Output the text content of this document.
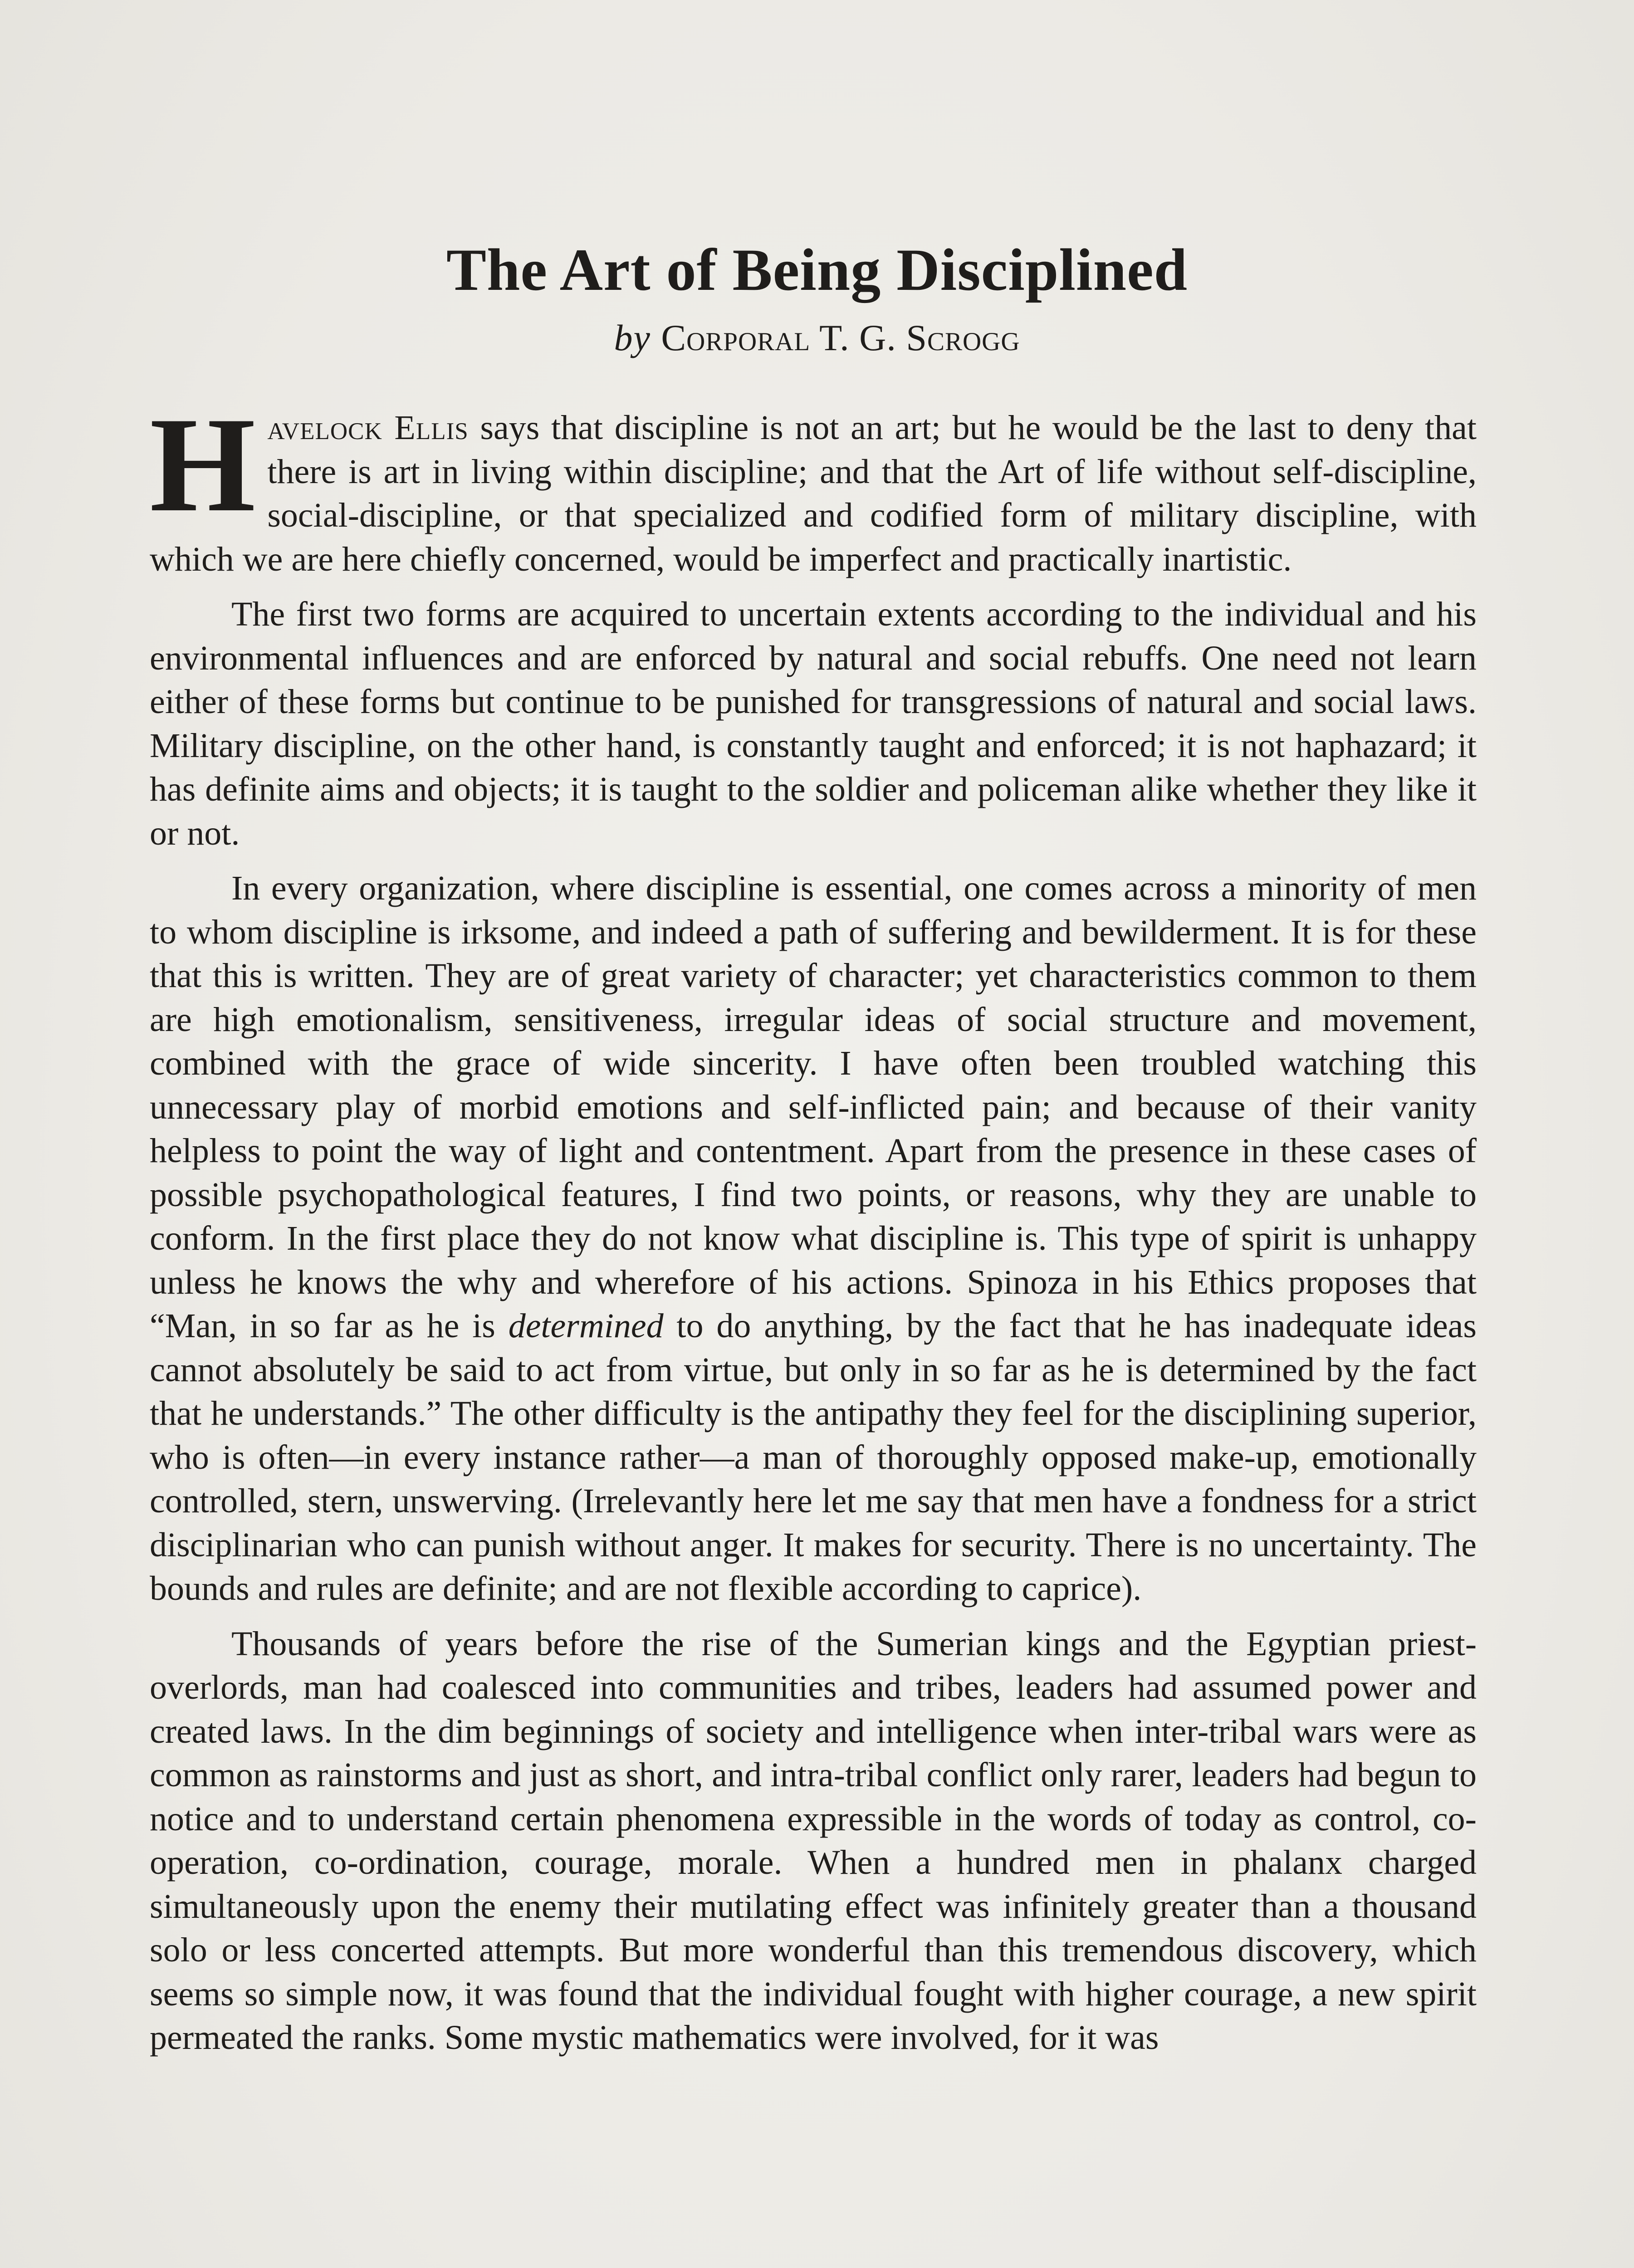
The Art of Being Disciplined
by Corporal T. G. Scrogg

Havelock Ellis says that discipline is not an art; but he would be the last to deny that there is art in living within discipline; and that the Art of life without self-discipline, social-discipline, or that specialized and codified form of military discipline, with which we are here chiefly concerned, would be imperfect and practically inartistic.

The first two forms are acquired to uncertain extents according to the individual and his environmental influences and are enforced by natural and social rebuffs. One need not learn either of these forms but continue to be punished for transgressions of natural and social laws. Military discipline, on the other hand, is constantly taught and enforced; it is not haphazard; it has definite aims and objects; it is taught to the soldier and policeman alike whether they like it or not.

In every organization, where discipline is essential, one comes across a minority of men to whom discipline is irksome, and indeed a path of suffering and bewilderment. It is for these that this is written. They are of great variety of character; yet characteristics common to them are high emotionalism, sensitiveness, irregular ideas of social structure and movement, combined with the grace of wide sincerity. I have often been troubled watching this unnecessary play of morbid emotions and self-inflicted pain; and because of their vanity helpless to point the way of light and contentment. Apart from the presence in these cases of possible psychopathological features, I find two points, or reasons, why they are unable to conform. In the first place they do not know what discipline is. This type of spirit is unhappy unless he knows the why and wherefore of his actions. Spinoza in his Ethics proposes that “Man, in so far as he is determined to do anything, by the fact that he has inadequate ideas cannot absolutely be said to act from virtue, but only in so far as he is determined by the fact that he understands.” The other difficulty is the antipathy they feel for the disciplining superior, who is often—in every instance rather—a man of thoroughly opposed make-up, emotionally controlled, stern, unswerving. (Irrelevantly here let me say that men have a fondness for a strict disciplinarian who can punish without anger. It makes for security. There is no uncertainty. The bounds and rules are definite; and are not flexible according to caprice).

Thousands of years before the rise of the Sumerian kings and the Egyptian priest-overlords, man had coalesced into communities and tribes, leaders had assumed power and created laws. In the dim beginnings of society and intelligence when inter-tribal wars were as common as rainstorms and just as short, and intra-tribal conflict only rarer, leaders had begun to notice and to understand certain phenomena expressible in the words of today as control, co-operation, co-ordination, courage, morale. When a hundred men in phalanx charged simultaneously upon the enemy their mutilating effect was infinitely greater than a thousand solo or less concerted attempts. But more wonderful than this tremendous discovery, which seems so simple now, it was found that the individual fought with higher courage, a new spirit permeated the ranks. Some mystic mathematics were involved, for it was
